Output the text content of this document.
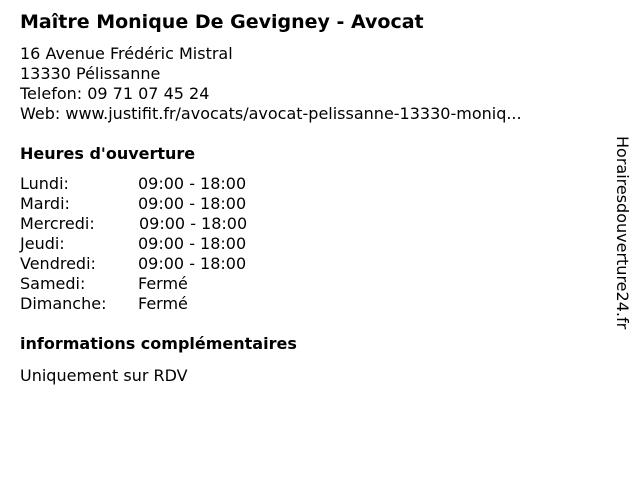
Maître Monique De Gevigney - Avocat
16 Avenue Frédéric Mistral
13330 Pélissanne
Telefon: 09 71 07 45 24
Web: www.justifit.fr/avocats/avocat-pelissanne-13330-moniq...
Heures d'ouverture
Lundi:	09:00 - 18:00
Mardi:	09:00 - 18:00
Mercredi:	09:00 - 18:00
Jeudi:	09:00 - 18:00
Vendredi:	09:00 - 18:00
Samedi:	Fermé
Dimanche: Fermé
informations complémentaires
Uniquement sur RDV
Horairesdouverture24.fr
